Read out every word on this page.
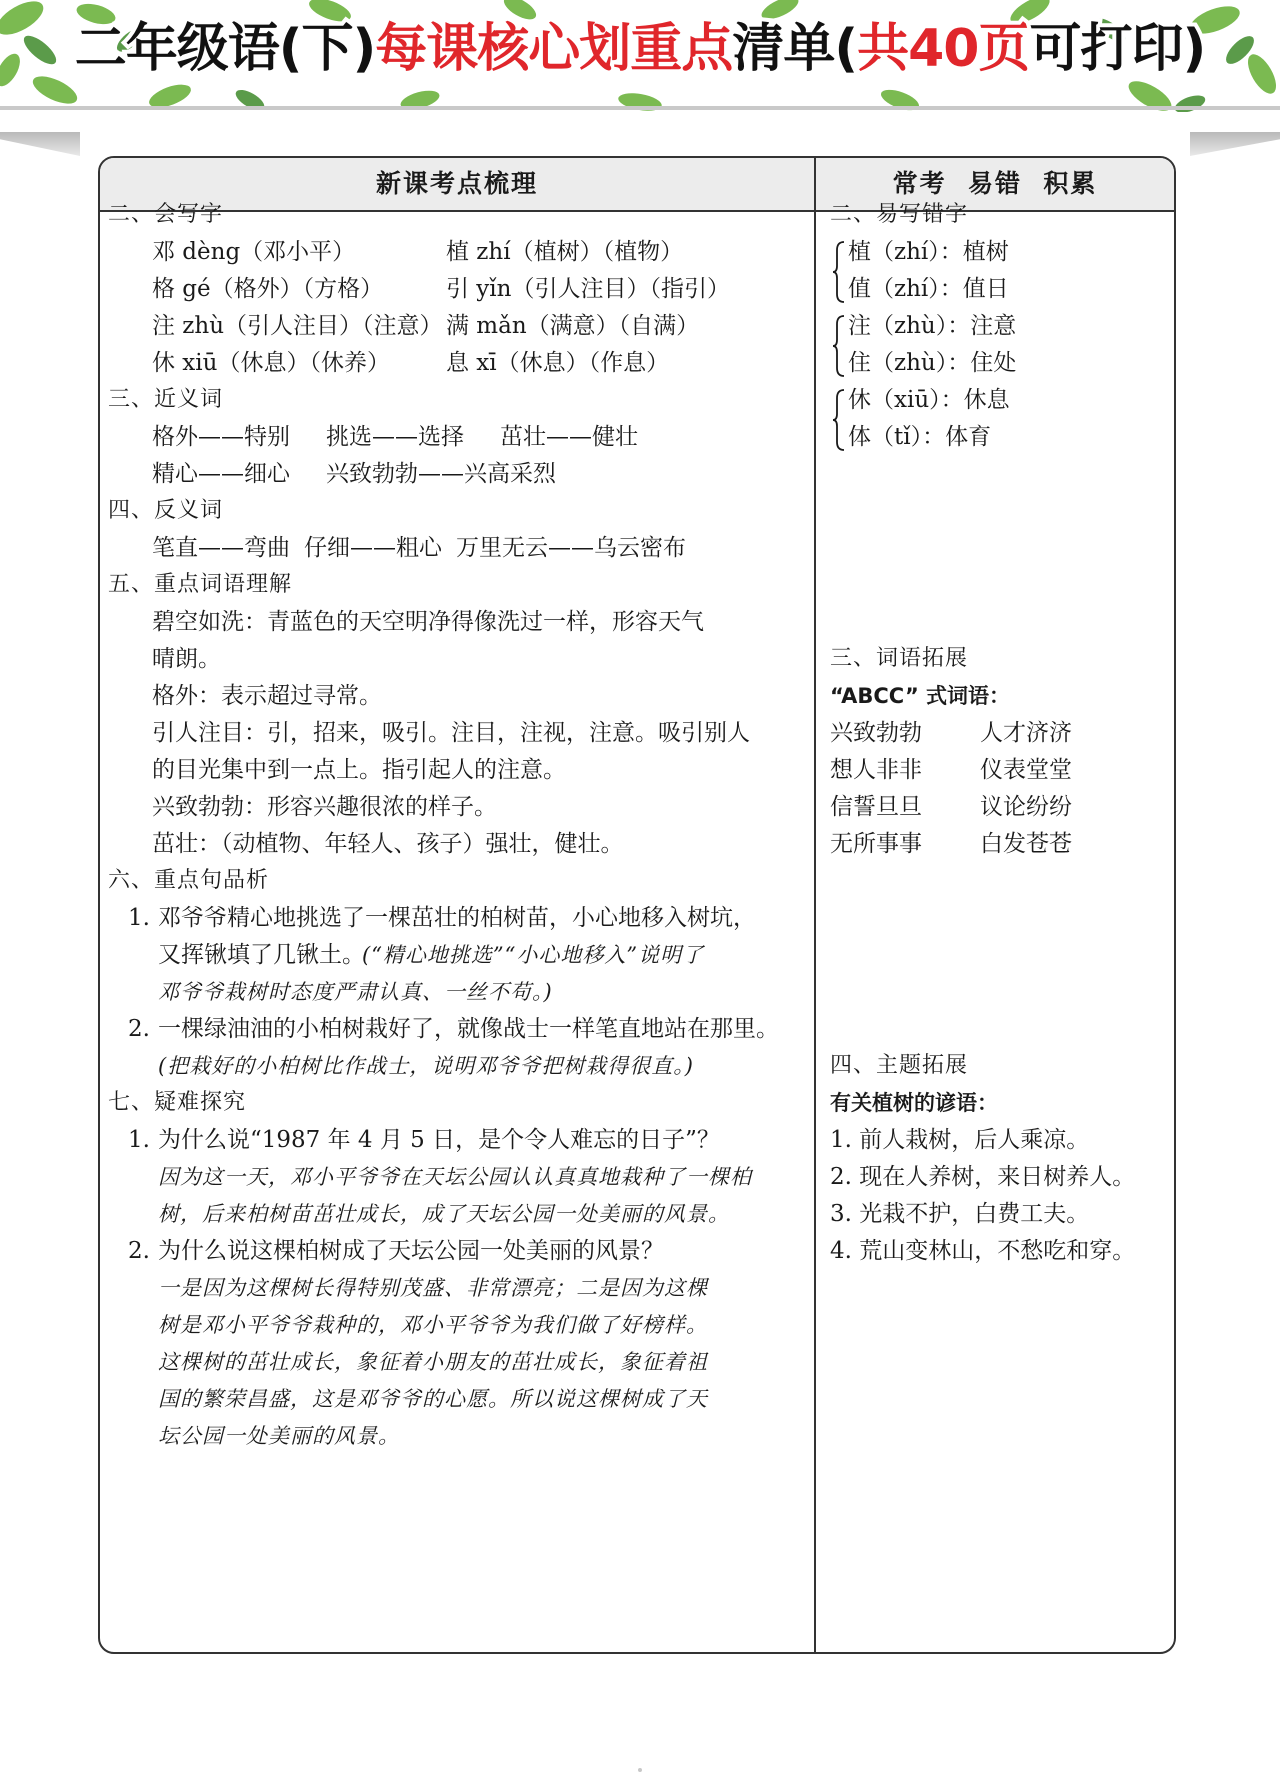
二年级语(下)每课核心划重点清单(共40页可打印)
新课考点梳理	常考  易错  积累
二、会写字
邓 dèng（邓小平）	植 zhí（植树）（植物）
格 gé（格外）（方格）	引 yǐn（引人注目）（指引）
注 zhù（引人注目）（注意） 满 mǎn（满意）（自满）
休 xiū（休息）（休养） 息 xī（休息）（作息）
三、近义词
格外——特别 挑选——选择 茁壮——健壮
精心——细心 兴致勃勃——兴高采烈
四、反义词
笔直——弯曲 仔细——粗心 万里无云——乌云密布
五、重点词语理解
碧空如洗：青蓝色的天空明净得像洗过一样，形容天气
晴朗。
格外：表示超过寻常。
引人注目：引，招来，吸引。注目，注视，注意。吸引别人
的目光集中到一点上。指引起人的注意。
兴致勃勃：形容兴趣很浓的样子。
茁壮：（动植物、年轻人、孩子）强壮，健壮。
六、重点句品析
1. 邓爷爷精心地挑选了一棵茁壮的柏树苗，小心地移入树坑，
又挥锹填了几锹土。
(“精心地挑选”“小心地移入”说明了
邓爷爷栽树时态度严肃认真、一丝不苟。)
2. 一棵绿油油的小柏树栽好了，就像战士一样笔直地站在那里。
(把栽好的小柏树比作战士，说明邓爷爷把树栽得很直。)
七、疑难探究
1. 为什么说“1987 年 4 月 5 日，是个令人难忘的日子”？
因为这一天，邓小平爷爷在天坛公园认认真真地栽种了一棵柏
树，后来柏树苗茁壮成长，成了天坛公园一处美丽的风景。
2. 为什么说这棵柏树成了天坛公园一处美丽的风景？
一是因为这棵树长得特别茂盛、非常漂亮；二是因为这棵
树是邓小平爷爷栽种的，邓小平爷爷为我们做了好榜样。
这棵树的茁壮成长，象征着小朋友的茁壮成长，象征着祖
国的繁荣昌盛，这是邓爷爷的心愿。所以说这棵树成了天
坛公园一处美丽的风景。
二、易写错字
植（zhí）：植树
值（zhí）：值日
注（zhù）：注意
住（zhù）：住处
休（xiū）：休息
体（tǐ）：体育
三、词语拓展
“ABCC” 式词语：
兴致勃勃	人才济济
想人非非	仪表堂堂
信誓旦旦	议论纷纷
无所事事	白发苍苍
四、主题拓展
有关植树的谚语：
1. 前人栽树，后人乘凉。
2. 现在人养树，来日树养人。
3. 光栽不护，白费工夫。
4. 荒山变林山，不愁吃和穿。
